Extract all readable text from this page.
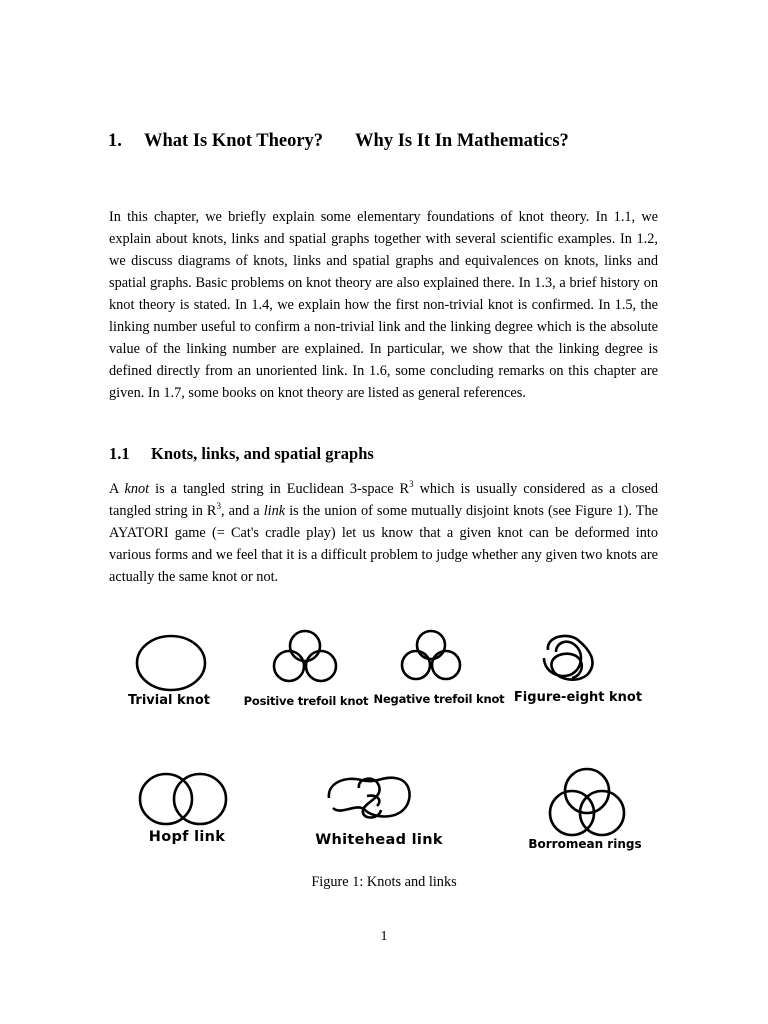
1. What Is Knot Theory? Why Is It In Mathematics?

In this chapter, we briefly explain some elementary foundations of knot theory. In 1.1, we explain about knots, links and spatial graphs together with several scientific examples. In 1.2, we discuss diagrams of knots, links and spatial graphs and equivalences on knots, links and spatial graphs. Basic problems on knot theory are also explained there. In 1.3, a brief history on knot theory is stated. In 1.4, we explain how the first non-trivial knot is confirmed. In 1.5, the linking number useful to confirm a non-trivial link and the linking degree which is the absolute value of the linking number are explained. In particular, we show that the linking degree is defined directly from an unoriented link. In 1.6, some concluding remarks on this chapter are given. In 1.7, some books on knot theory are listed as general references.

1.1 Knots, links, and spatial graphs

A knot is a tangled string in Euclidean 3-space $R^3$ which is usually considered as a closed tangled string in $R^3$, and a link is the union of some mutually disjoint knots (see Figure 1). The AYATORI game (= Cat's cradle play) let us know that a given knot can be deformed into various forms and we feel that it is a difficult problem to judge whether any given two knots are actually the same knot or not.

Trivial knot	Positive trefoil knot Negative trefoil knot Figure-eight knot
Hopf link	Whitehead link	Borromean rings

Figure 1: Knots and links

1
